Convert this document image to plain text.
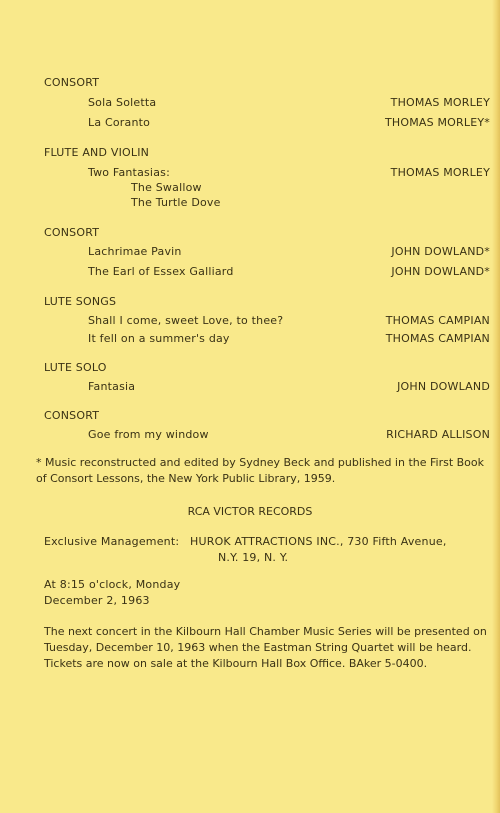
CONSORT
Sola Soletta	THOMAS MORLEY
La Coranto	THOMAS MORLEY*
FLUTE AND VIOLIN
Two Fantasias:	THOMAS MORLEY
The Swallow
The Turtle Dove
CONSORT
Lachrimae Pavin	JOHN DOWLAND*
The Earl of Essex Galliard	JOHN DOWLAND*
LUTE SONGS
Shall I come, sweet Love, to thee?	THOMAS CAMPIAN
It fell on a summer's day	THOMAS CAMPIAN
LUTE SOLO
Fantasia	JOHN DOWLAND
CONSORT
Goe from my window	RICHARD ALLISON
* Music reconstructed and edited by Sydney Beck and published in the First Book of Consort Lessons, the New York Public Library, 1959.
RCA VICTOR RECORDS
Exclusive Management: HUROK ATTRACTIONS INC., 730 Fifth Avenue,
N.Y. 19, N. Y.
At 8:15 o'clock, Monday
December 2, 1963
The next concert in the Kilbourn Hall Chamber Music Series will be presented on Tuesday, December 10, 1963 when the Eastman String Quartet will be heard. Tickets are now on sale at the Kilbourn Hall Box Office. BAker 5-0400.
